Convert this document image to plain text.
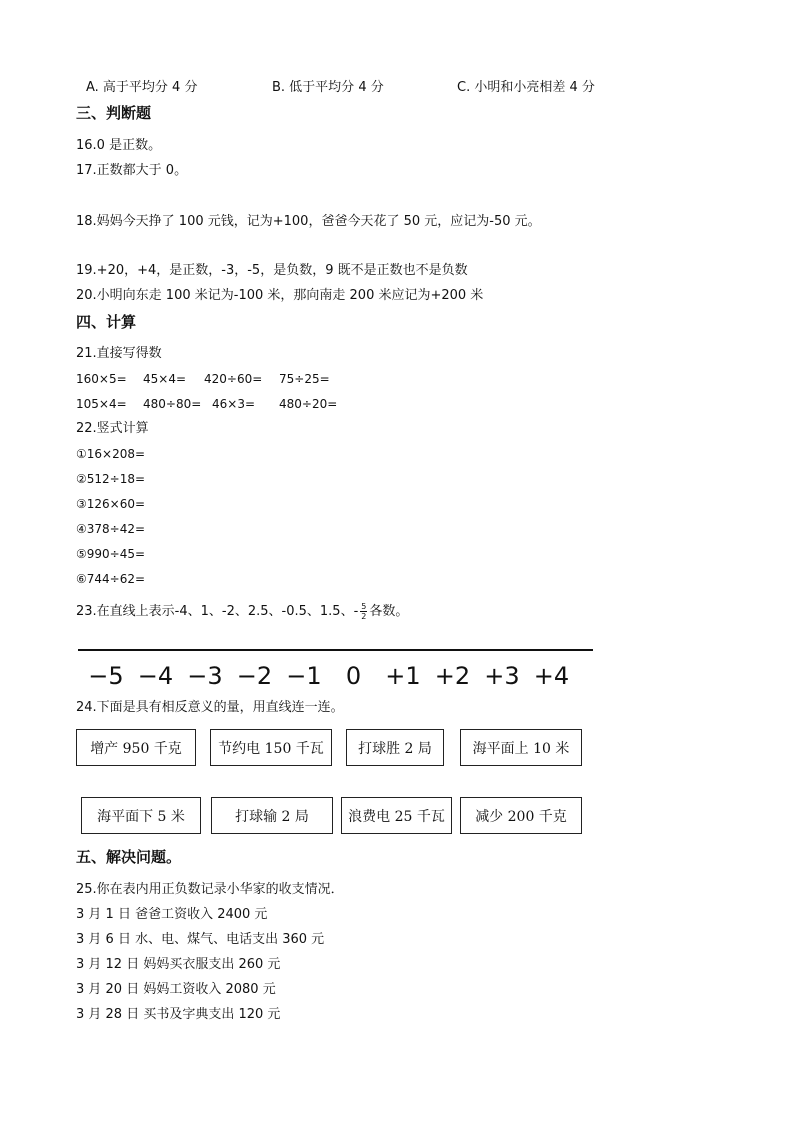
A. 高于平均分 4 分	B. 低于平均分 4 分	C. 小明和小亮相差 4 分
三、判断题
16.0 是正数。
17.正数都大于 0。
18.妈妈今天挣了 100 元钱，记为+100，爸爸今天花了 50 元，应记为-50 元。
19.+20，+4，是正数，-3，-5，是负数，9 既不是正数也不是负数
20.小明向东走 100 米记为-100 米，那向南走 200 米应记为+200 米
四、计算
21.直接写得数
160×5= 45×4= 420÷60= 75÷25=
105×4= 480÷80= 46×3= 480÷20=
22.竖式计算
①16×208=
②512÷18=
③126×60=
④378÷42=
⑤990÷45=
⑥744÷62=
23.在直线上表示-4、1、-2、2.5、-0.5、1.5、- $\frac{5}{2}$ 各数。
−5 −4 −3 −2 −1 0 +1 +2 +3 +4
24.下面是具有相反意义的量，用直线连一连。
增产 950 千克	节约电 150 千瓦	打球胜 2 局	海平面上 10 米
海平面下 5 米	打球输 2 局	浪费电 25 千瓦	减少 200 千克
五、解决问题。
25.你在表内用正负数记录小华家的收支情况．
3 月 1 日 爸爸工资收入 2400 元
3 月 6 日 水、电、煤气、电话支出 360 元
3 月 12 日 妈妈买衣服支出 260 元
3 月 20 日 妈妈工资收入 2080 元
3 月 28 日 买书及字典支出 120 元
